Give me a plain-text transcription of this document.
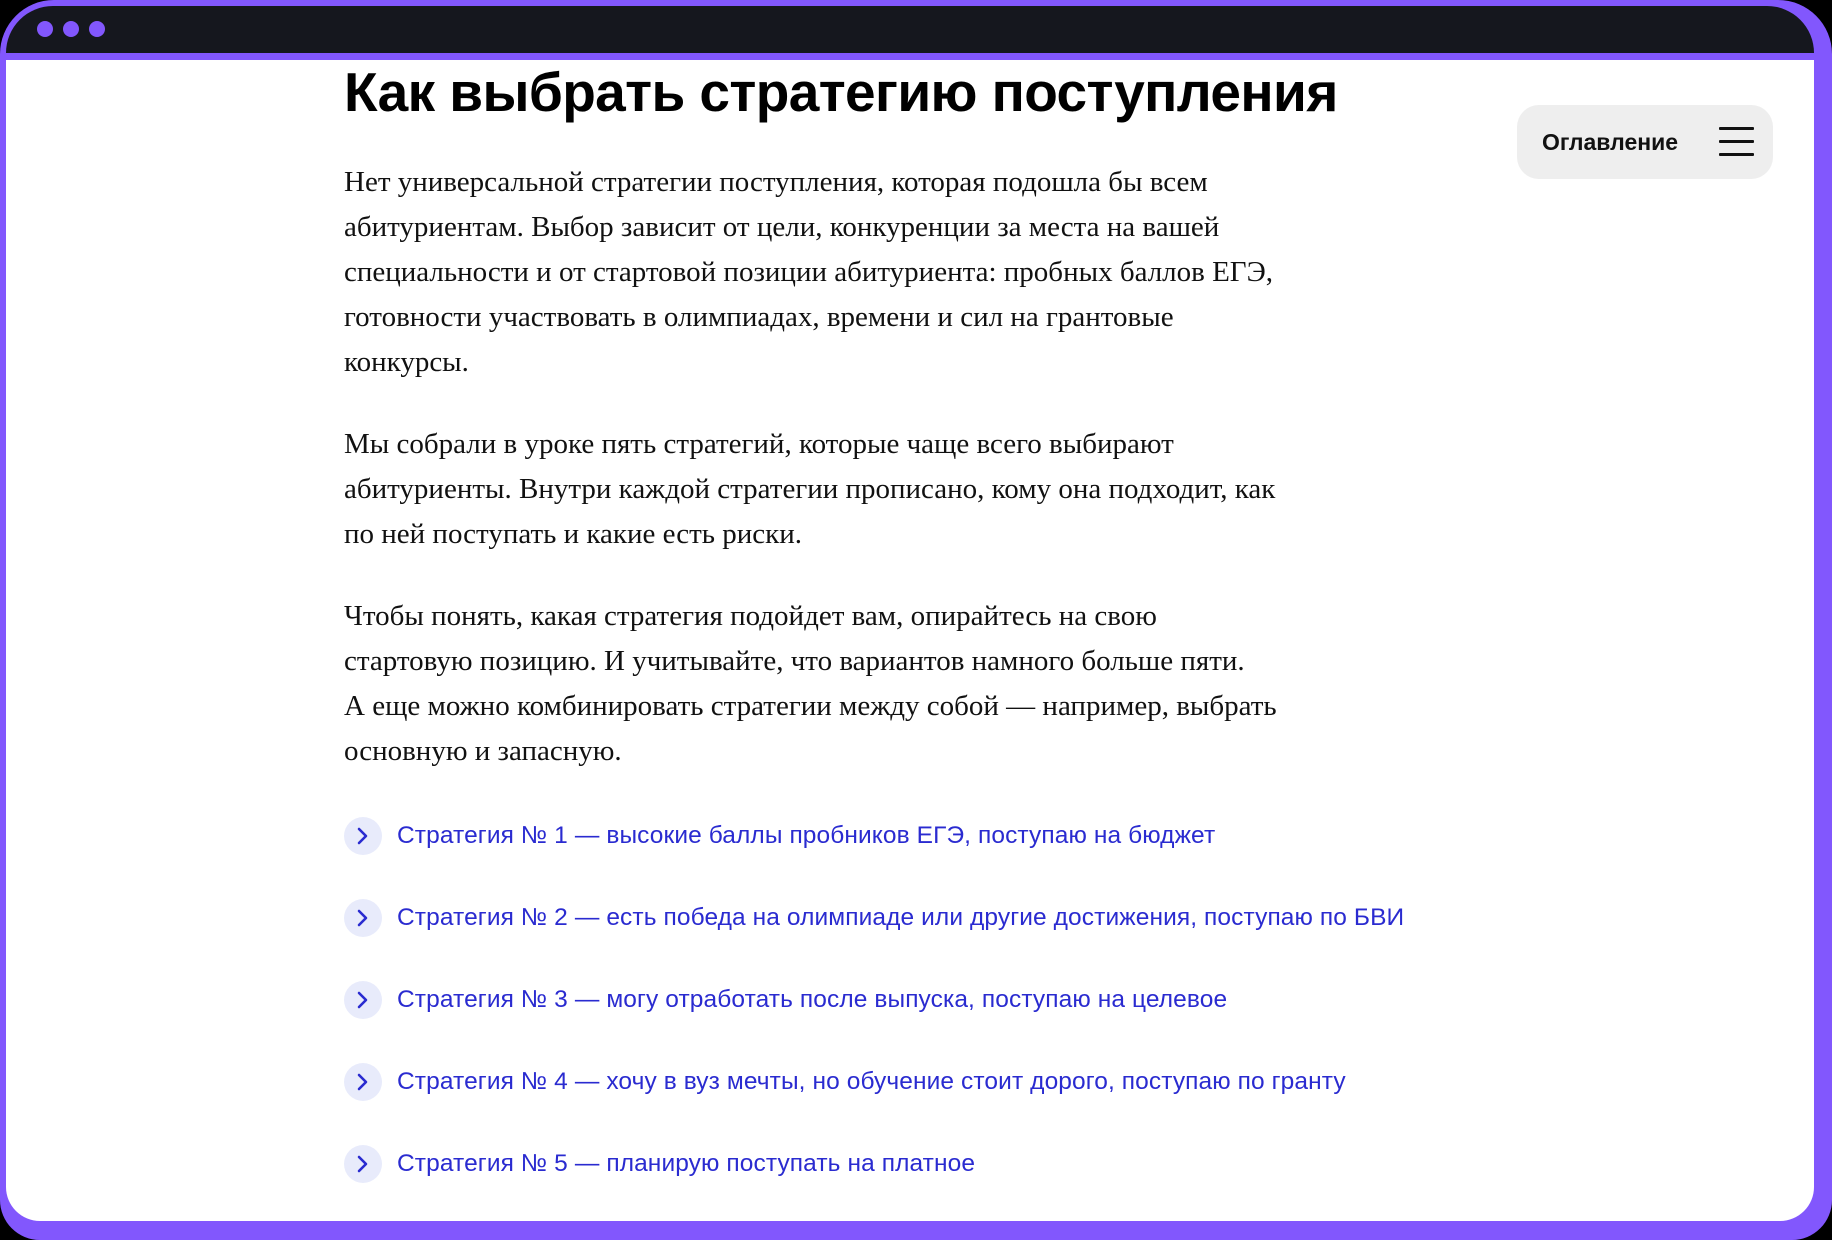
Как выбрать стратегию поступления

Нет универсальной стратегии поступления, которая подошла бы всем
абитуриентам. Выбор зависит от цели, конкуренции за места на вашей
специальности и от стартовой позиции абитуриента: пробных баллов ЕГЭ,
готовности участвовать в олимпиадах, времени и сил на грантовые
конкурсы.

Мы собрали в уроке пять стратегий, которые чаще всего выбирают
абитуриенты. Внутри каждой стратегии прописано, кому она подходит, как
по ней поступать и какие есть риски.

Чтобы понять, какая стратегия подойдет вам, опирайтесь на свою
стартовую позицию. И учитывайте, что вариантов намного больше пяти.
А еще можно комбинировать стратегии между собой — например, выбрать
основную и запасную.

Стратегия № 1 — высокие баллы пробников ЕГЭ, поступаю на бюджет
Стратегия № 2 — есть победа на олимпиаде или другие достижения, поступаю по БВИ
Стратегия № 3 — могу отработать после выпуска, поступаю на целевое
Стратегия № 4 — хочу в вуз мечты, но обучение стоит дорого, поступаю по гранту
Стратегия № 5 — планирую поступать на платное
Оглавление
